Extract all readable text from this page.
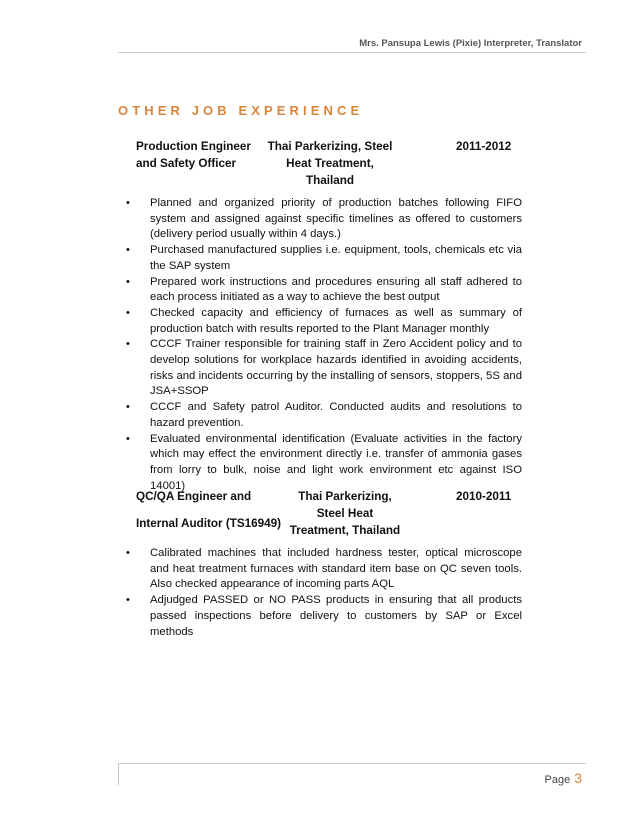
Mrs. Pansupa Lewis (Pixie) Interpreter, Translator
OTHER JOB EXPERIENCE
Production Engineer
and Safety Officer
Thai Parkerizing, Steel
Heat Treatment,
Thailand
2011-2012
• Planned and organized priority of production batches following FIFO system and assigned against specific timelines as offered to customers (delivery period usually within 4 days.)
• Purchased manufactured supplies i.e. equipment, tools, chemicals etc via the SAP system
• Prepared work instructions and procedures ensuring all staff adhered to each process initiated as a way to achieve the best output
• Checked capacity and efficiency of furnaces as well as summary of production batch with results reported to the Plant Manager monthly
• CCCF Trainer responsible for training staff in Zero Accident policy and to develop solutions for workplace hazards identified in avoiding accidents, risks and incidents occurring by the installing of sensors, stoppers, 5S and JSA+SSOP
• CCCF and Safety patrol Auditor. Conducted audits and resolutions to hazard prevention.
• Evaluated environmental identification (Evaluate activities in the factory which may effect the environment directly i.e. transfer of ammonia gases from lorry to bulk, noise and light work environment etc against ISO 14001)
QC/QA Engineer and
Internal Auditor (TS16949)
Thai Parkerizing,
Steel Heat
Treatment, Thailand
2010-2011
• Calibrated machines that included hardness tester, optical microscope and heat treatment furnaces with standard item base on QC seven tools. Also checked appearance of incoming parts AQL
• Adjudged PASSED or NO PASS products in ensuring that all products passed inspections before delivery to customers by SAP or Excel methods
Page 3
